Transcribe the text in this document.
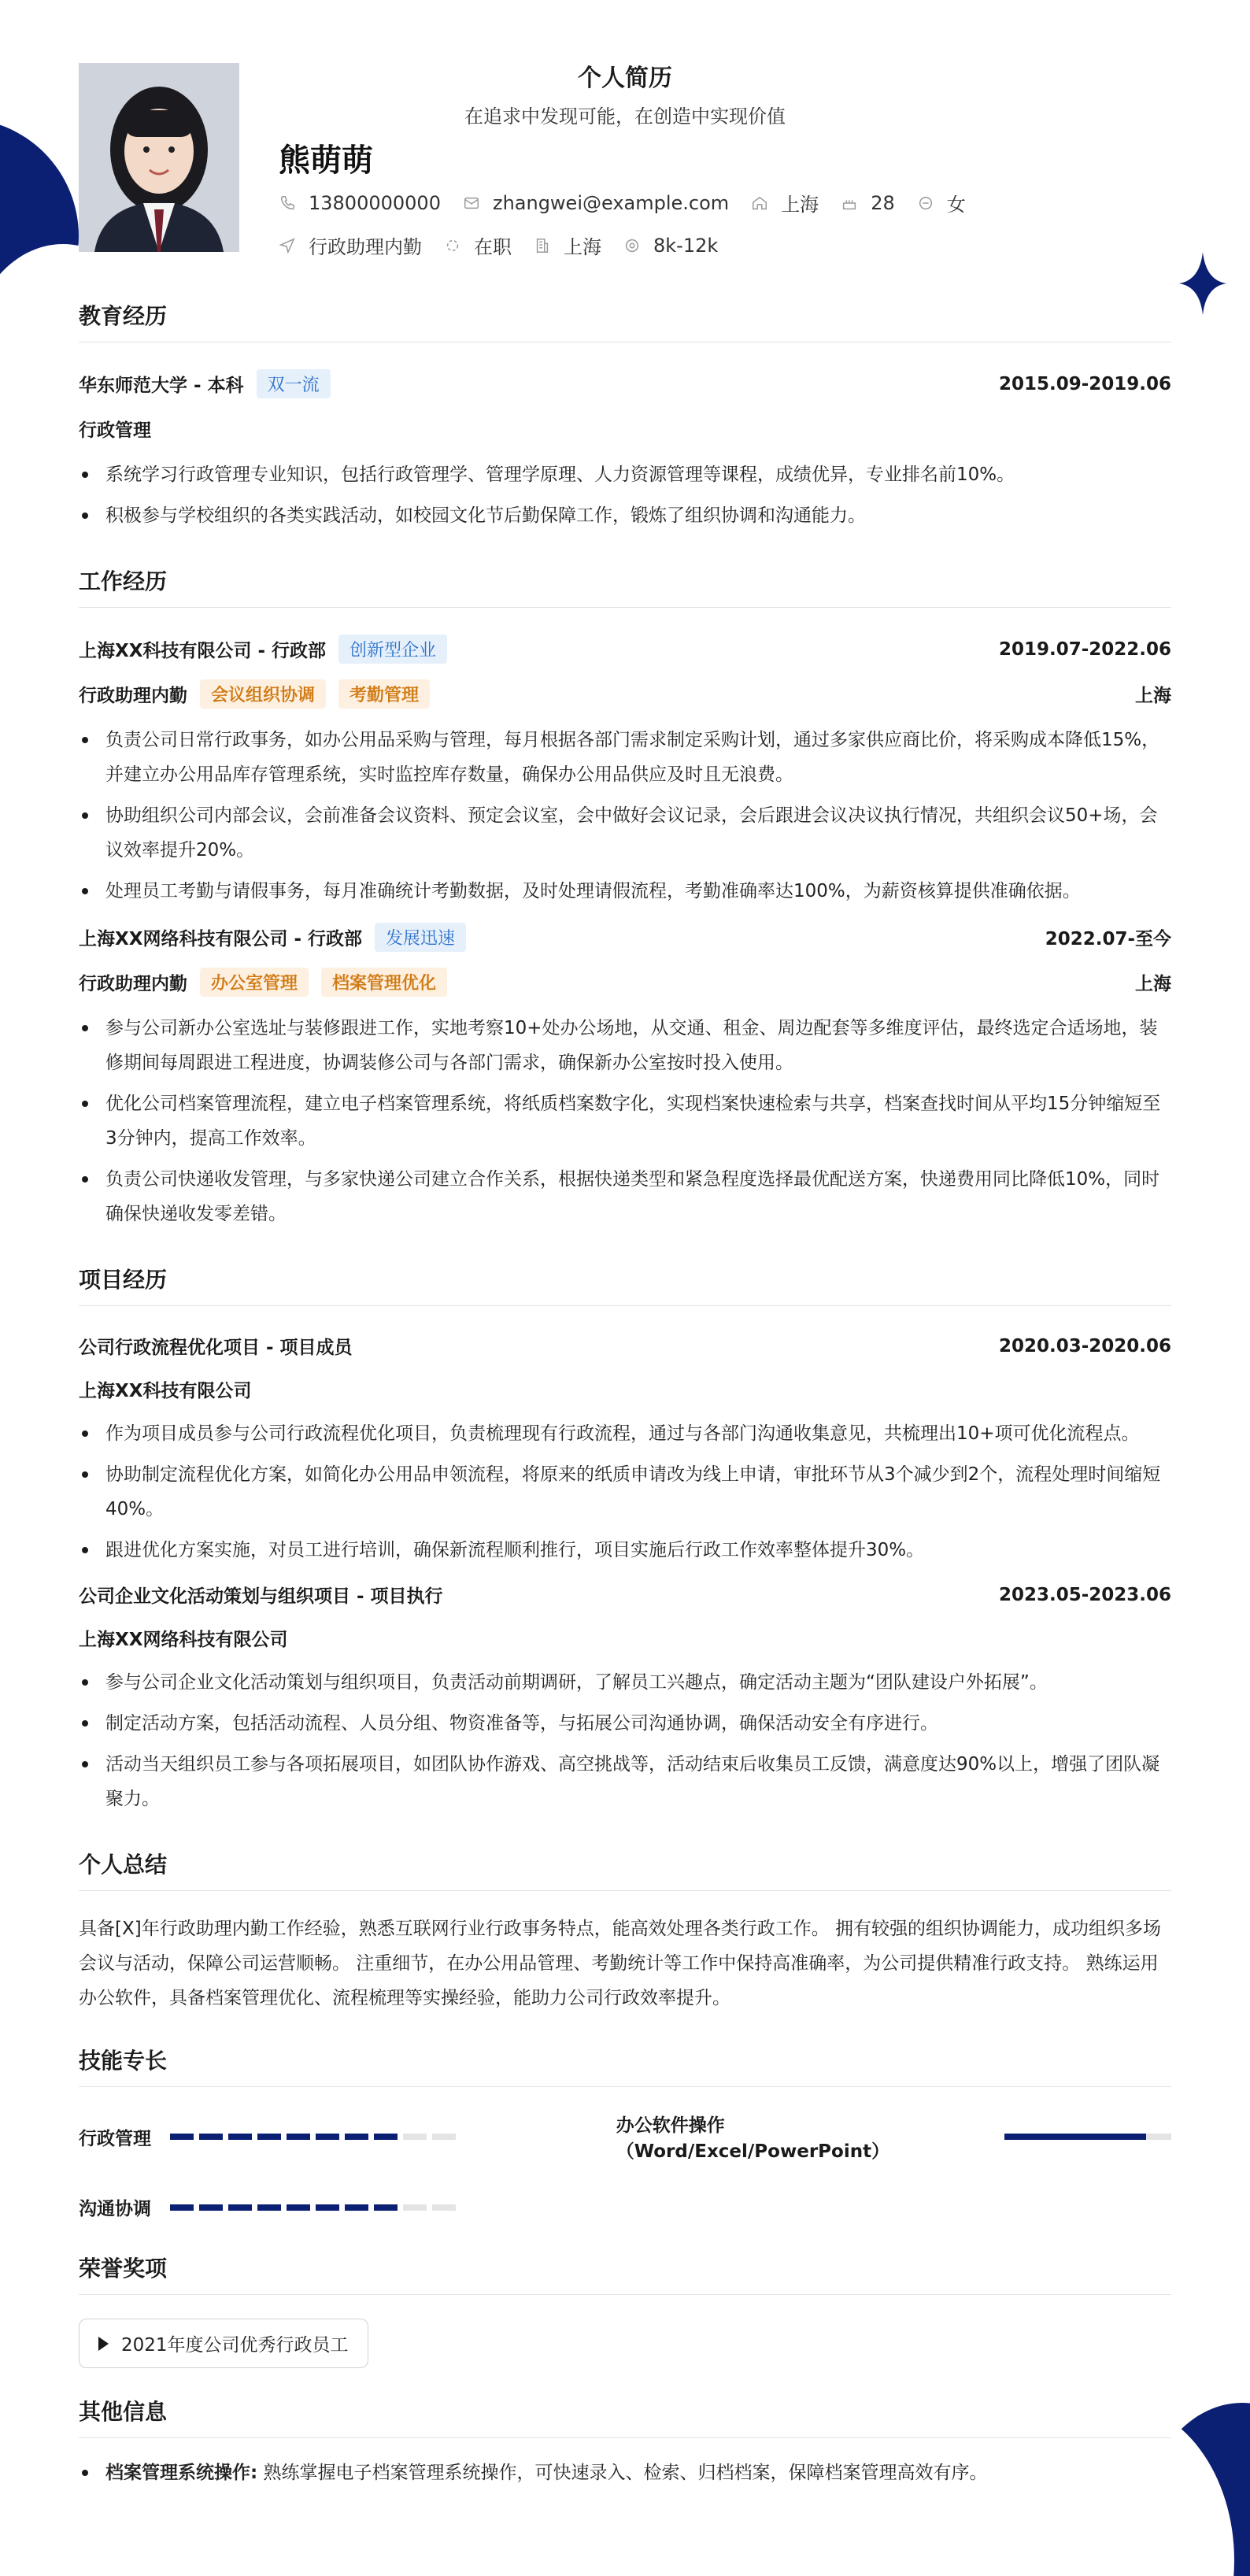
个人简历
在追求中发现可能，在创造中实现价值
熊萌萌
13800000000	zhangwei@example.com	上海	28	女
行政助理内勤	在职	上海	8k-12k
教育经历
华东师范大学 - 本科	双一流	2015.09-2019.06
行政管理
系统学习行政管理专业知识，包括行政管理学、管理学原理、人力资源管理等课程，成绩优异，专业排名前10%。
积极参与学校组织的各类实践活动，如校园文化节后勤保障工作，锻炼了组织协调和沟通能力。
工作经历
上海XX科技有限公司 - 行政部	创新型企业	2019.07-2022.06
行政助理内勤	会议组织协调	考勤管理	上海
负责公司日常行政事务，如办公用品采购与管理，每月根据各部门需求制定采购计划，通过多家供应商比价，将采购成本降低15%，并建立办公用品库存管理系统，实时监控库存数量，确保办公用品供应及时且无浪费。
协助组织公司内部会议，会前准备会议资料、预定会议室，会中做好会议记录，会后跟进会议决议执行情况，共组织会议50+场，会议效率提升20%。
处理员工考勤与请假事务，每月准确统计考勤数据，及时处理请假流程，考勤准确率达100%，为薪资核算提供准确依据。
上海XX网络科技有限公司 - 行政部	发展迅速	2022.07-至今
行政助理内勤	办公室管理	档案管理优化	上海
参与公司新办公室选址与装修跟进工作，实地考察10+处办公场地，从交通、租金、周边配套等多维度评估，最终选定合适场地，装修期间每周跟进工程进度，协调装修公司与各部门需求，确保新办公室按时投入使用。
优化公司档案管理流程，建立电子档案管理系统，将纸质档案数字化，实现档案快速检索与共享，档案查找时间从平均15分钟缩短至3分钟内，提高工作效率。
负责公司快递收发管理，与多家快递公司建立合作关系，根据快递类型和紧急程度选择最优配送方案，快递费用同比降低10%，同时确保快递收发零差错。
项目经历
公司行政流程优化项目 - 项目成员	2020.03-2020.06
上海XX科技有限公司
作为项目成员参与公司行政流程优化项目，负责梳理现有行政流程，通过与各部门沟通收集意见，共梳理出10+项可优化流程点。
协助制定流程优化方案，如简化办公用品申领流程，将原来的纸质申请改为线上申请，审批环节从3个减少到2个，流程处理时间缩短40%。
跟进优化方案实施，对员工进行培训，确保新流程顺利推行，项目实施后行政工作效率整体提升30%。
公司企业文化活动策划与组织项目 - 项目执行	2023.05-2023.06
上海XX网络科技有限公司
参与公司企业文化活动策划与组织项目，负责活动前期调研，了解员工兴趣点，确定活动主题为“团队建设户外拓展”。
制定活动方案，包括活动流程、人员分组、物资准备等，与拓展公司沟通协调，确保活动安全有序进行。
活动当天组织员工参与各项拓展项目，如团队协作游戏、高空挑战等，活动结束后收集员工反馈，满意度达90%以上，增强了团队凝聚力。
个人总结
具备[X]年行政助理内勤工作经验，熟悉互联网行业行政事务特点，能高效处理各类行政工作。 拥有较强的组织协调能力，成功组织多场会议与活动，保障公司运营顺畅。 注重细节，在办公用品管理、考勤统计等工作中保持高准确率，为公司提供精准行政支持。 熟练运用办公软件，具备档案管理优化、流程梳理等实操经验，能助力公司行政效率提升。
技能专长
行政管理
办公软件操作（Word/Excel/PowerPoint）
沟通协调
荣誉奖项
2021年度公司优秀行政员工
其他信息
档案管理系统操作: 熟练掌握电子档案管理系统操作，可快速录入、检索、归档档案，保障档案管理高效有序。
